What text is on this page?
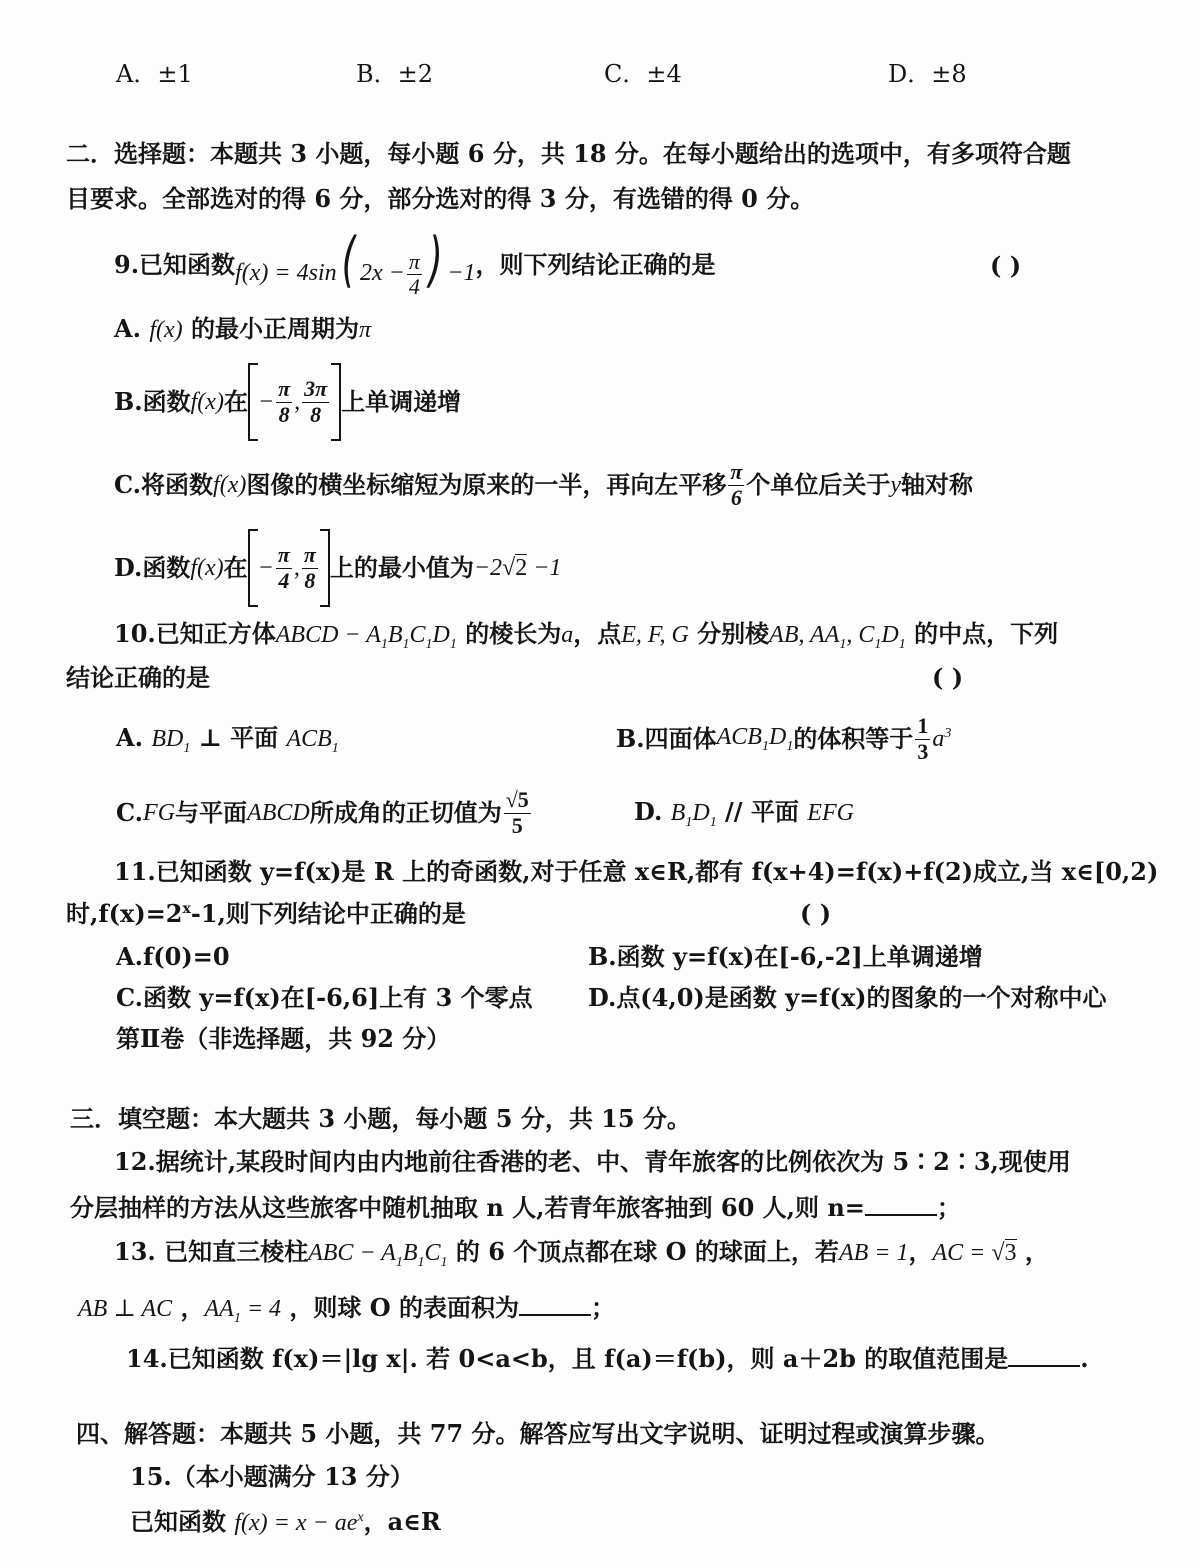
A．±1	B．±2	C．±4	D．±8
二．选择题：本题共 3 小题，每小题 6 分，共 18 分。在每小题给出的选项中，有多项符合题
目要求。全部选对的得 6 分，部分选对的得 3 分，有选错的得 0 分。
9.已知函数 f(x) = 4sin( $2x - \frac{\pi}{4}$ ) −1 ，则下列结论正确的是	( )
A. f(x) 的最小正周期为π
B.函数 f(x) 在 − $\frac{\pi}{8}$ , $\frac{3\pi}{8}$ 上单调递增
C.将函数 f(x) 图像的横坐标缩短为原来的一半，再向左平移 $\frac{\pi}{6}$ 个单位后关于 y 轴对称
D.函数 f(x) 在 − $\frac{\pi}{4}$ , $\frac{\pi}{8}$ 上的最小值为 −2√2 −1
10.已知正方体ABCD − $A_1B_1C_1D_1$ 的棱长为a，点E, F, G 分别棱AB, $AA_1$, $C_1D_1$ 的中点，下列
结论正确的是	( )
A. $BD_1$ ⊥ 平面 $ACB_1$	B.四面体 $ACB_1D_1$ 的体积等于 $\frac{1}{3} a^3$
C. FG 与平面 ABCD 所成角的正切值为 $\frac{√5}{5}$	D. $B_1D_1$ // 平面 EFG
11.已知函数 y=f(x)是 R 上的奇函数,对于任意 x∈R,都有 f(x+4)=f(x)+f(2)成立,当 x∈[0,2)
时$,f(x)=2^x-1$,则下列结论中正确的是	( )
A.f(0)=0	B.函数 y=f(x)在[-6,-2]上单调递增
C.函数 y=f(x)在[-6,6]上有 3 个零点 D.点(4,0)是函数 y=f(x)的图象的一个对称中心
第Ⅱ卷（非选择题，共 92 分）
三．填空题：本大题共 3 小题，每小题 5 分，共 15 分。
12.据统计,某段时间内由内地前往香港的老、中、青年旅客的比例依次为 5∶2∶3,现使用
分层抽样的方法从这些旅客中随机抽取 n 人,若青年旅客抽到 60 人,则 n=	；
13. 已知直三棱柱ABC − $A_1B_1C_1$ 的 6 个顶点都在球 O 的球面上，若AB = 1，AC = √3 ，
AB ⊥ AC ，$AA_1 = 4$ ，则球 O 的表面积为	；
14.已知函数 f(x)＝|lg x|. 若 0<a<b，且 f(a)＝f(b)，则 a＋2b 的取值范围是	.
四、解答题：本题共 5 小题，共 77 分。解答应写出文字说明、证明过程或演算步骤。
15.（本小题满分 13 分）
已知函数 $f(x) = x - ae^x$，a∈R
